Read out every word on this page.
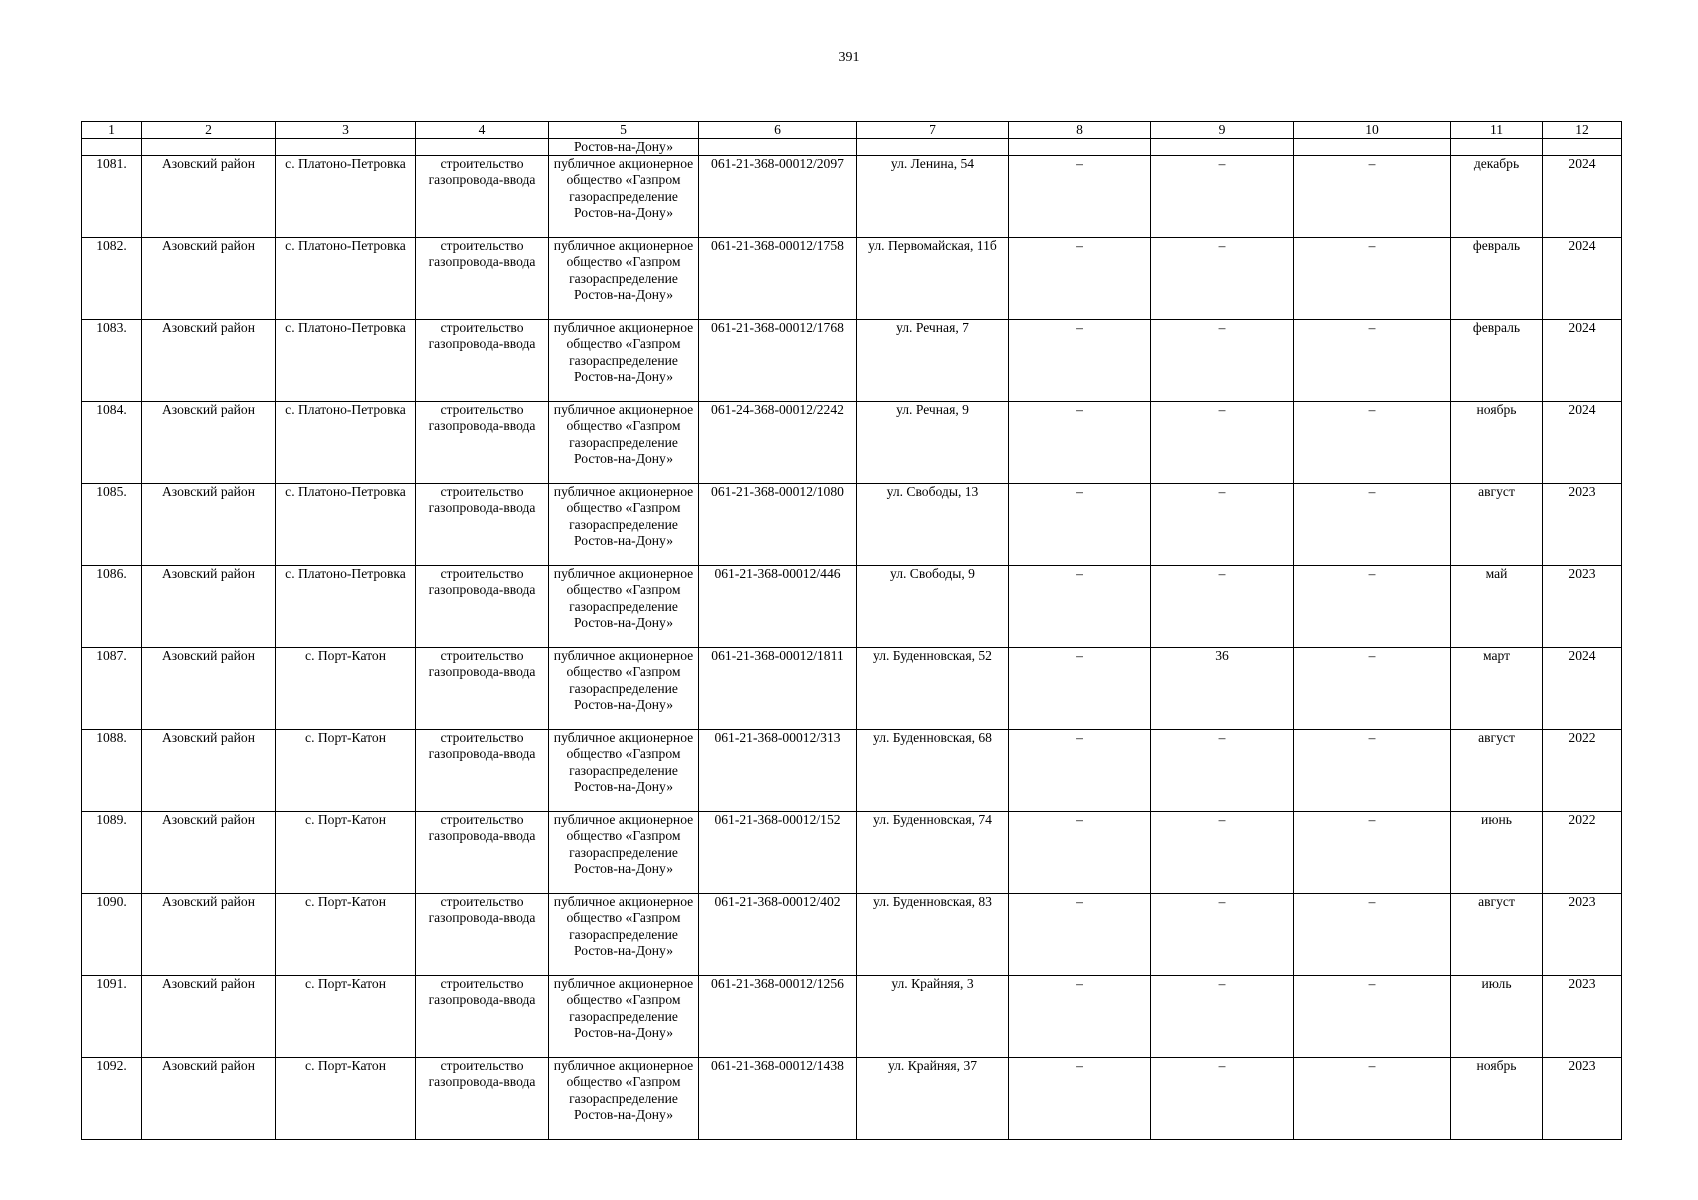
391
1	2	3	4	5	6	7	8	9	10	11	12
				Ростов-на-Дону»							
1081.	Азовский район	с. Платоно-Петровка	строительство газопровода-ввода	публичное акционерное общество «Газпром газораспределение Ростов-на-Дону»	061-21-368-00012/2097	ул. Ленина, 54	–	–	–	декабрь	2024
1082.	Азовский район	с. Платоно-Петровка	строительство газопровода-ввода	публичное акционерное общество «Газпром газораспределение Ростов-на-Дону»	061-21-368-00012/1758	ул. Первомайская, 11б	–	–	–	февраль	2024
1083.	Азовский район	с. Платоно-Петровка	строительство газопровода-ввода	публичное акционерное общество «Газпром газораспределение Ростов-на-Дону»	061-21-368-00012/1768	ул. Речная, 7	–	–	–	февраль	2024
1084.	Азовский район	с. Платоно-Петровка	строительство газопровода-ввода	публичное акционерное общество «Газпром газораспределение Ростов-на-Дону»	061-24-368-00012/2242	ул. Речная, 9	–	–	–	ноябрь	2024
1085.	Азовский район	с. Платоно-Петровка	строительство газопровода-ввода	публичное акционерное общество «Газпром газораспределение Ростов-на-Дону»	061-21-368-00012/1080	ул. Свободы, 13	–	–	–	август	2023
1086.	Азовский район	с. Платоно-Петровка	строительство газопровода-ввода	публичное акционерное общество «Газпром газораспределение Ростов-на-Дону»	061-21-368-00012/446	ул. Свободы, 9	–	–	–	май	2023
1087.	Азовский район	с. Порт-Катон	строительство газопровода-ввода	публичное акционерное общество «Газпром газораспределение Ростов-на-Дону»	061-21-368-00012/1811	ул. Буденновская, 52	–	36	–	март	2024
1088.	Азовский район	с. Порт-Катон	строительство газопровода-ввода	публичное акционерное общество «Газпром газораспределение Ростов-на-Дону»	061-21-368-00012/313	ул. Буденновская, 68	–	–	–	август	2022
1089.	Азовский район	с. Порт-Катон	строительство газопровода-ввода	публичное акционерное общество «Газпром газораспределение Ростов-на-Дону»	061-21-368-00012/152	ул. Буденновская, 74	–	–	–	июнь	2022
1090.	Азовский район	с. Порт-Катон	строительство газопровода-ввода	публичное акционерное общество «Газпром газораспределение Ростов-на-Дону»	061-21-368-00012/402	ул. Буденновская, 83	–	–	–	август	2023
1091.	Азовский район	с. Порт-Катон	строительство газопровода-ввода	публичное акционерное общество «Газпром газораспределение Ростов-на-Дону»	061-21-368-00012/1256	ул. Крайняя, 3	–	–	–	июль	2023
1092.	Азовский район	с. Порт-Катон	строительство газопровода-ввода	публичное акционерное общество «Газпром газораспределение Ростов-на-Дону»	061-21-368-00012/1438	ул. Крайняя, 37	–	–	–	ноябрь	2023
